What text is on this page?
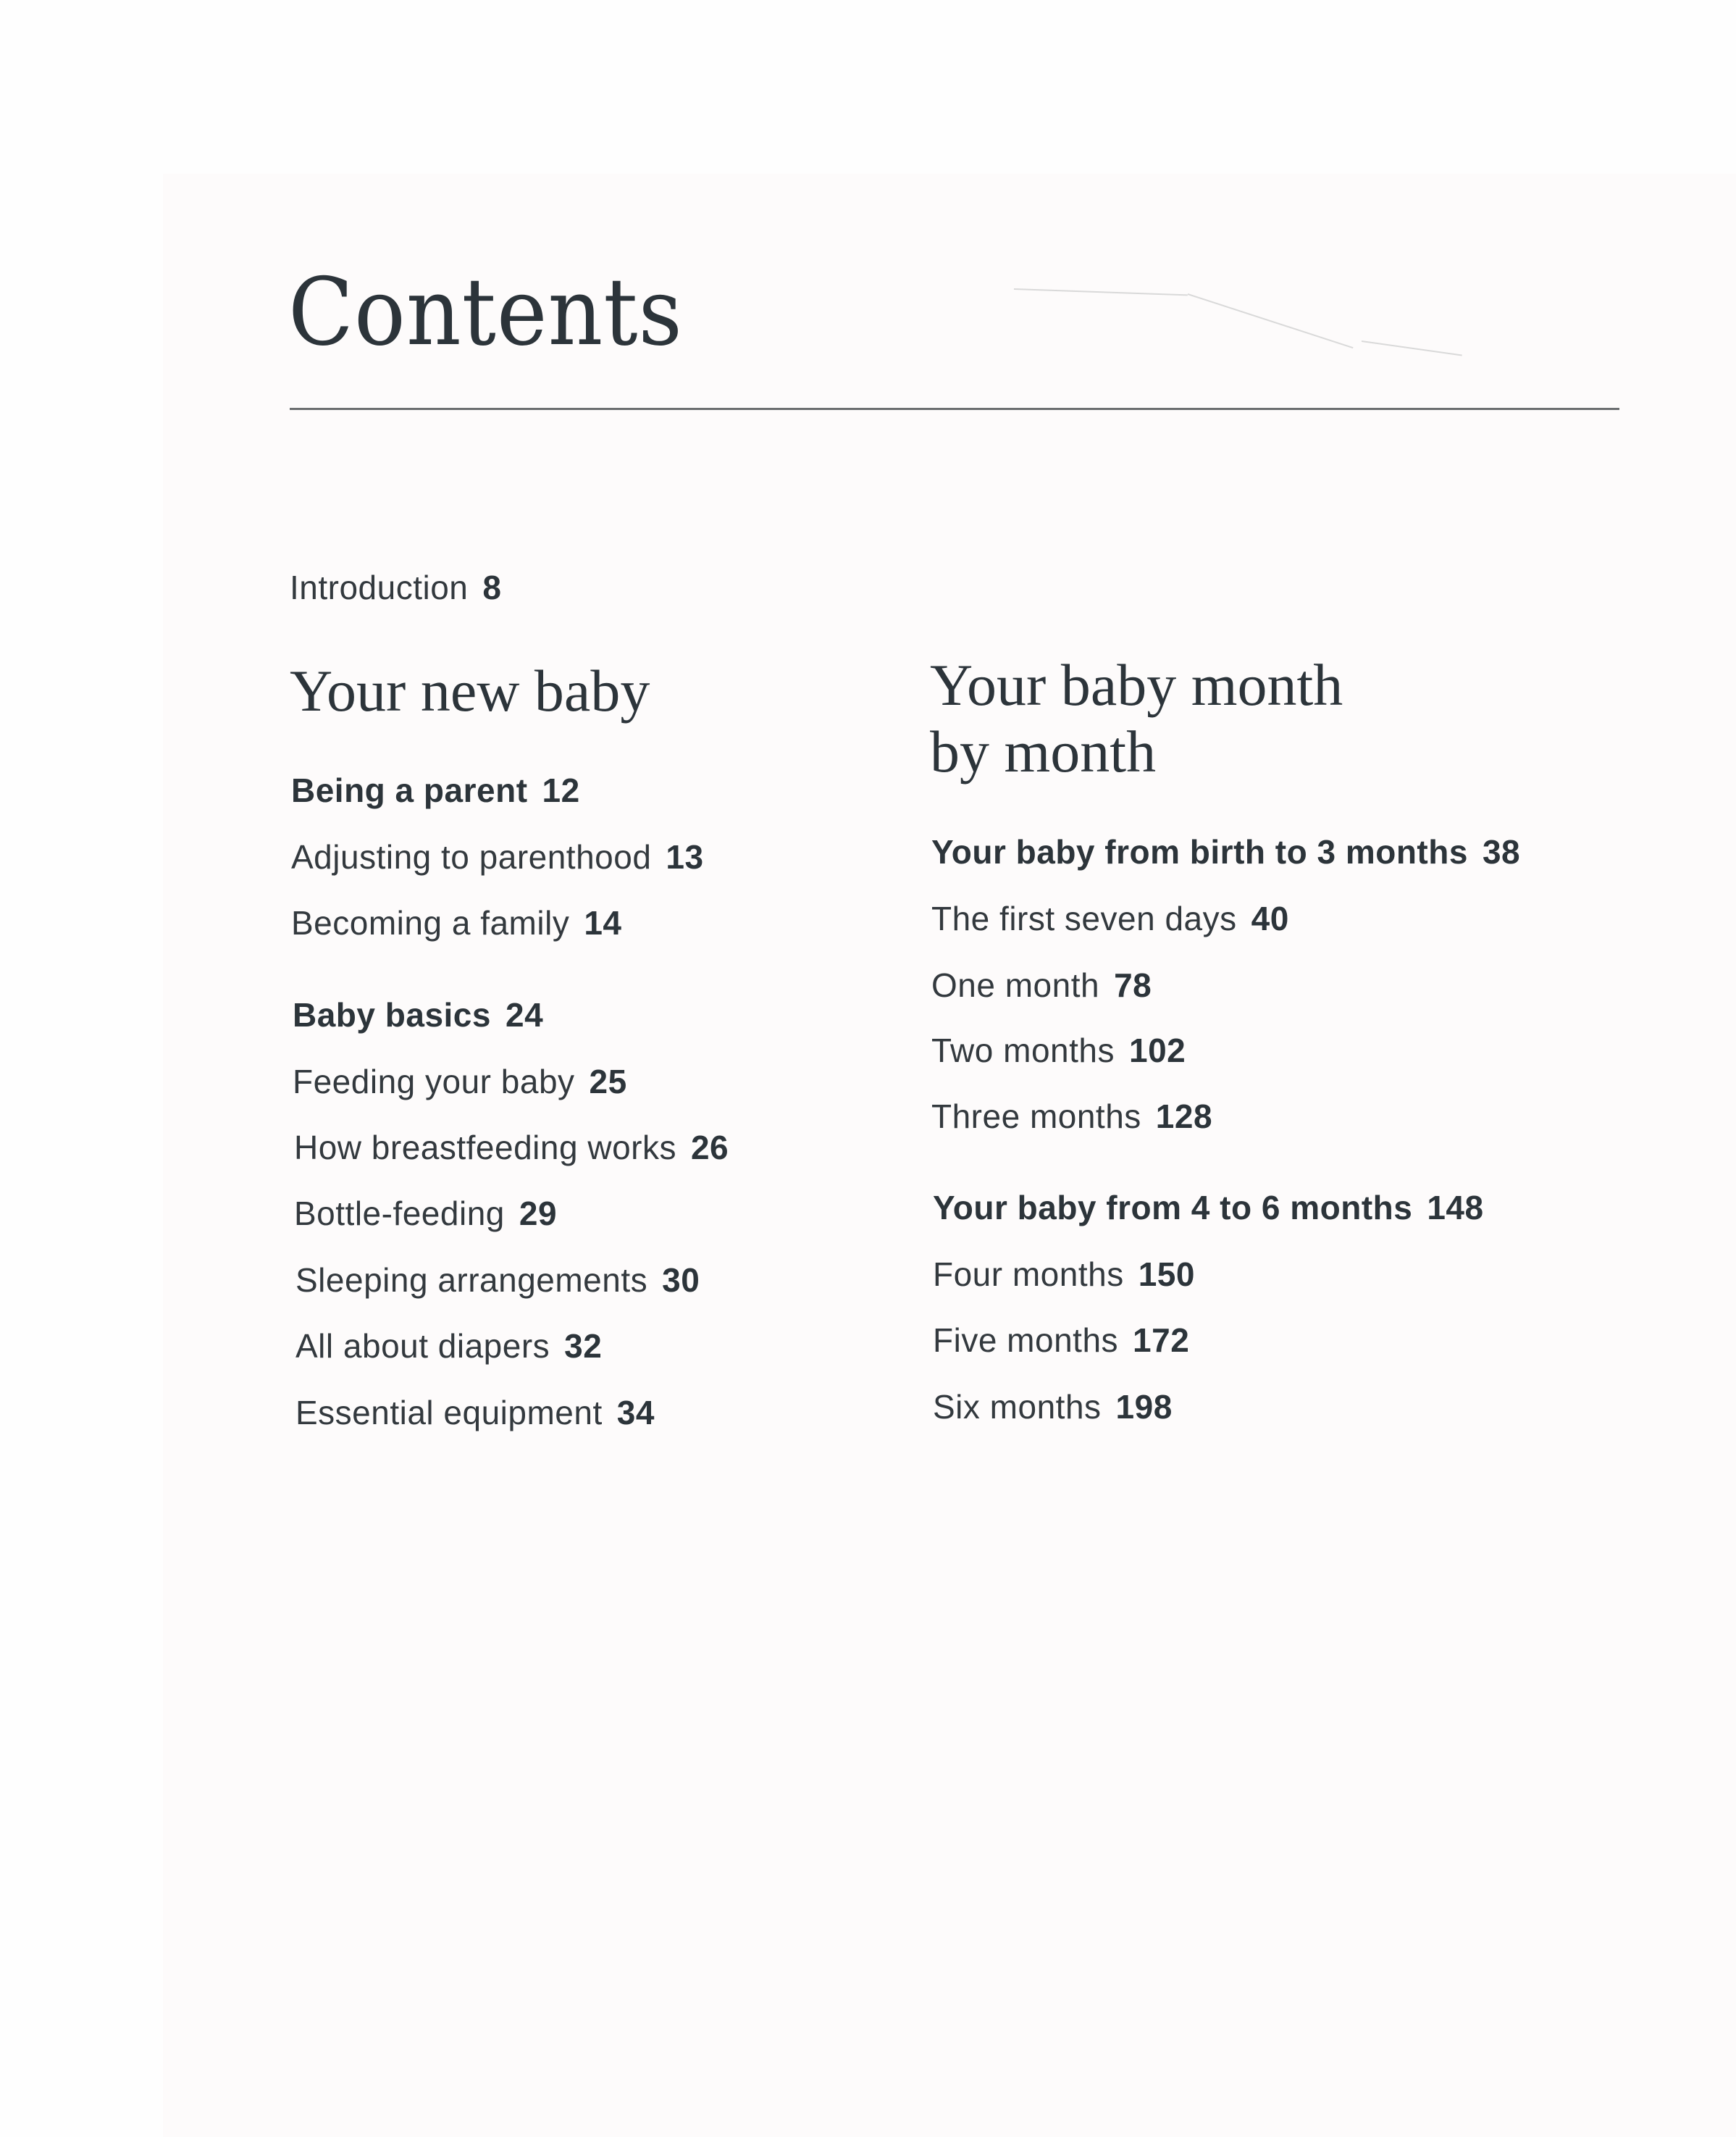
Contents
Introduction 8
Your new baby
Being a parent 12
Adjusting to parenthood 13
Becoming a family 14
Baby basics 24
Feeding your baby 25
How breastfeeding works 26
Bottle-feeding 29
Sleeping arrangements 30
All about diapers 32
Essential equipment 34
Your baby month
by month
Your baby from birth to 3 months 38
The first seven days 40
One month 78
Two months 102
Three months 128
Your baby from 4 to 6 months 148
Four months 150
Five months 172
Six months 198
